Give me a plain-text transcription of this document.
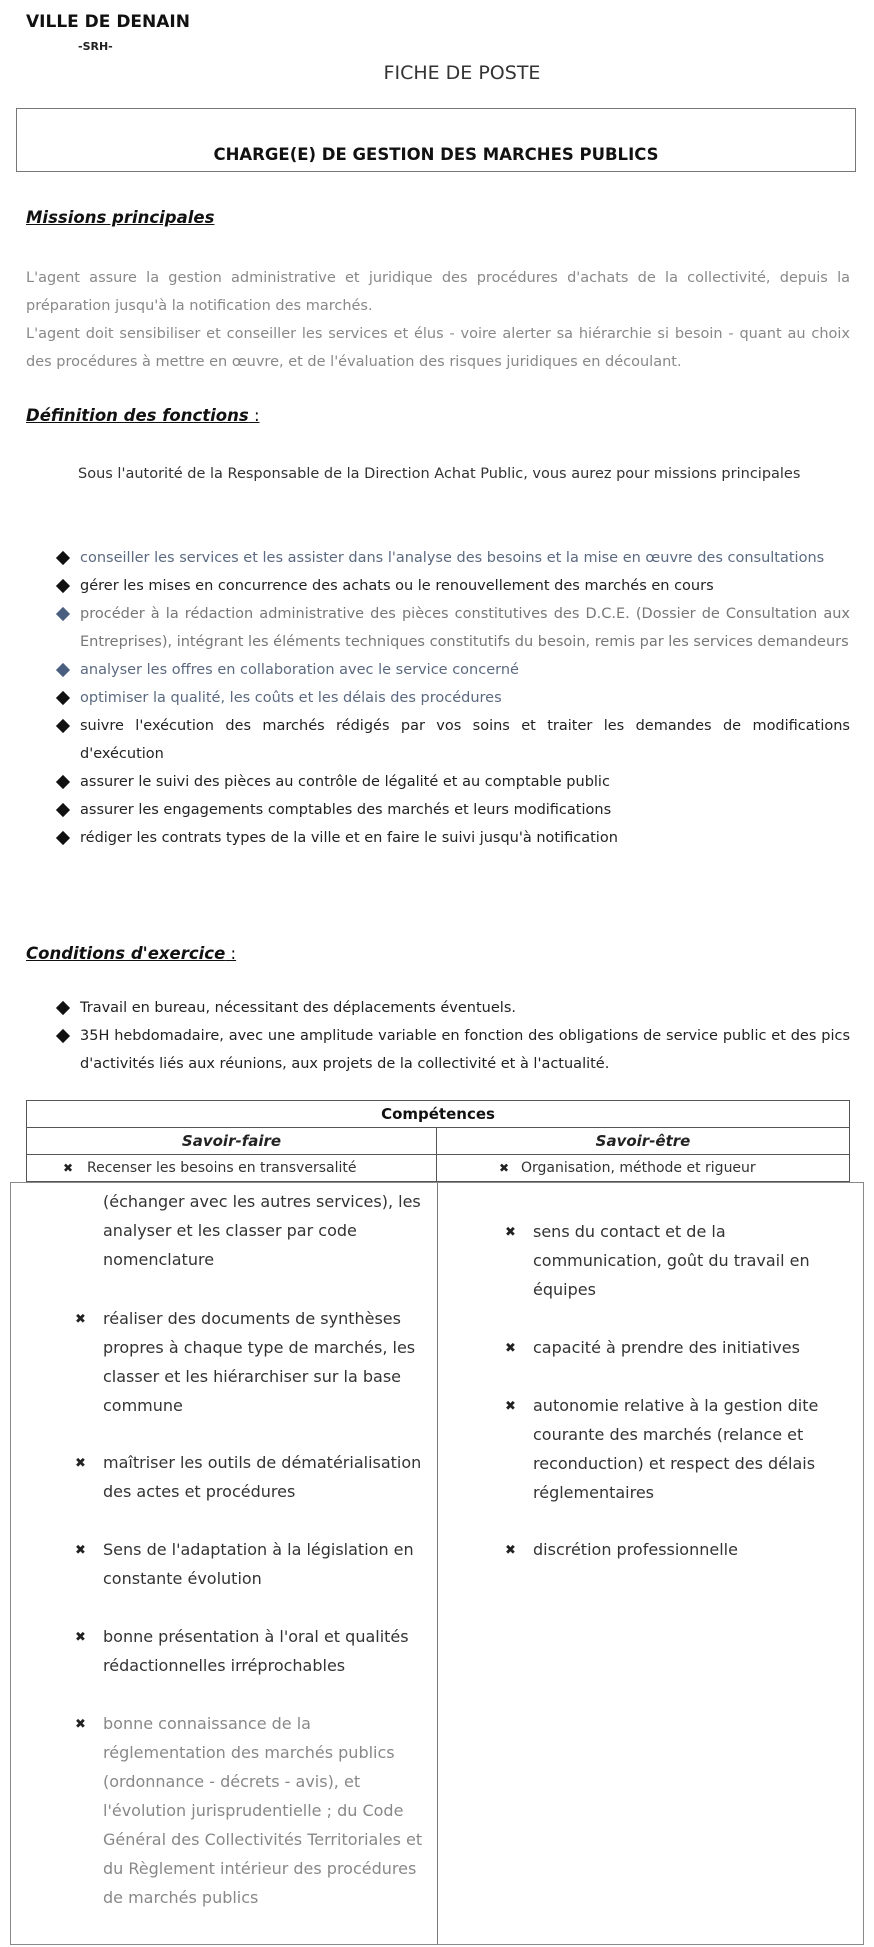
VILLE DE DENAIN
-SRH-
FICHE DE POSTE
CHARGE(E) DE GESTION DES MARCHES PUBLICS
Missions principales

L'agent assure la gestion administrative et juridique des procédures d'achats de la collectivité, depuis la préparation jusqu'à la notification des marchés.

L'agent doit sensibiliser et conseiller les services et élus - voire alerter sa hiérarchie si besoin - quant au choix des procédures à mettre en œuvre, et de l'évaluation des risques juridiques en découlant.

Définition des fonctions :

Sous l'autorité de la Responsable de la Direction Achat Public, vous aurez pour missions principales

conseiller les services et les assister dans l'analyse des besoins et la mise en œuvre des consultations
gérer les mises en concurrence des achats ou le renouvellement des marchés en cours
procéder à la rédaction administrative des pièces constitutives des D.C.E. (Dossier de Consultation aux Entreprises), intégrant les éléments techniques constitutifs du besoin, remis par les services demandeurs
analyser les offres en collaboration avec le service concerné
optimiser la qualité, les coûts et les délais des procédures
suivre l'exécution des marchés rédigés par vos soins et traiter les demandes de modifications d'exécution
assurer le suivi des pièces au contrôle de légalité et au comptable public
assurer les engagements comptables des marchés et leurs modifications
rédiger les contrats types de la ville et en faire le suivi jusqu'à notification
Conditions d'exercice :
Travail en bureau, nécessitant des déplacements éventuels.
35H hebdomadaire, avec une amplitude variable en fonction des obligations de service public et des pics d'activités liés aux réunions, aux projets de la collectivité et à l'actualité.
Compétences
Savoir-faire	Savoir-être
✖ Recenser les besoins en transversalité	✖ Organisation, méthode et rigueur
(échanger avec les autres services), les analyser et les classer par code nomenclature
✖ réaliser des documents de synthèses propres à chaque type de marchés, les classer et les hiérarchiser sur la base commune
✖ maîtriser les outils de dématérialisation des actes et procédures
✖ Sens de l'adaptation à la législation en constante évolution
✖ bonne présentation à l'oral et qualités rédactionnelles irréprochables
✖ bonne connaissance de la réglementation des marchés publics (ordonnance - décrets - avis), et l'évolution jurisprudentielle ; du Code Général des Collectivités Territoriales et du Règlement intérieur des procédures de marchés publics
✖ sens du contact et de la communication, goût du travail en équipes
✖ capacité à prendre des initiatives
✖ autonomie relative à la gestion dite courante des marchés (relance et reconduction) et respect des délais réglementaires
✖ discrétion professionnelle
